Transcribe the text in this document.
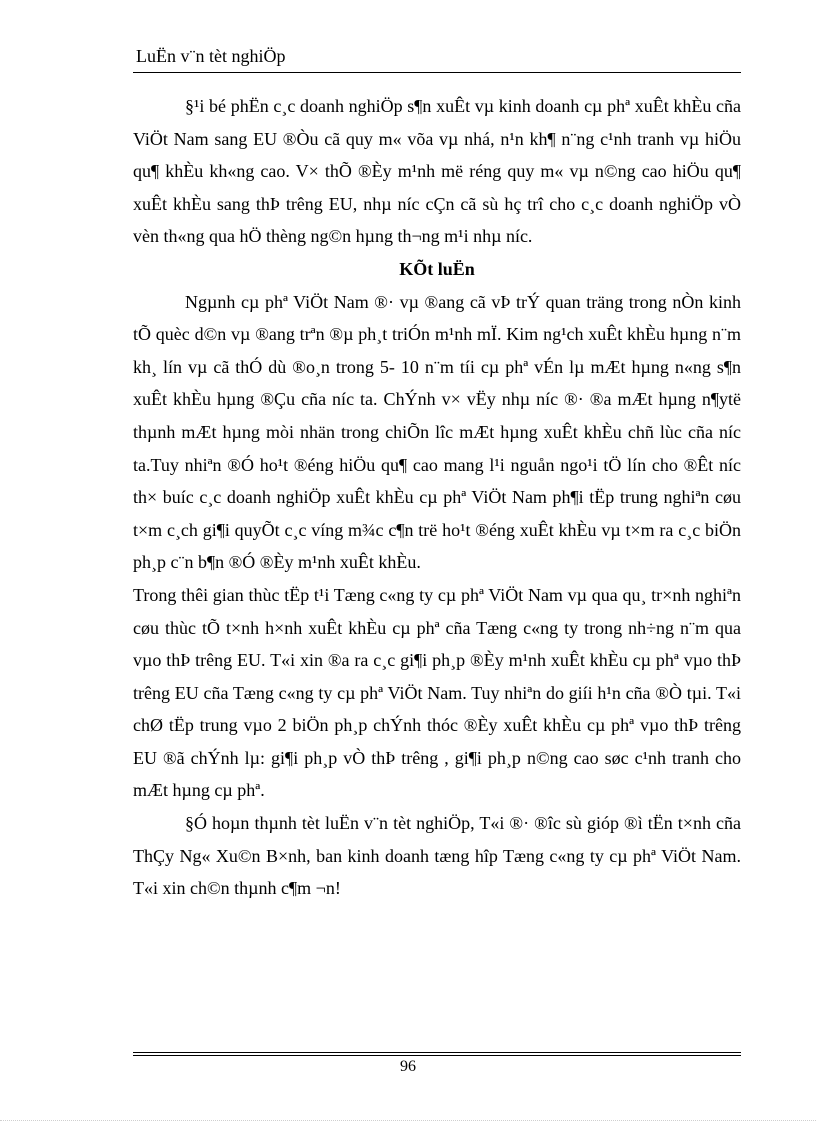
LuËn v¨n tèt nghiÖp

§¹i bé phËn c¸c doanh nghiÖp s¶n xuÊt vµ kinh doanh cµ phª xuÊt khÈu cña ViÖt Nam sang EU ®Òu cã quy m« võa vµ nhá, n¹n kh¶ n¨ng c¹nh tranh vµ hiÖu qu¶ khÈu kh«ng cao. V× thÕ ®Èy m¹nh më réng quy m« vµ n©ng cao hiÖu qu¶ xuÊt khÈu sang thÞ trêng EU, nhµ níc cÇn cã sù hç trî cho c¸c doanh nghiÖp vÒ vèn th«ng qua hÖ thèng ng©n hµng th¬ng m¹i nhµ níc.

KÕt luËn

Ngµnh cµ phª ViÖt Nam ®· vµ ®ang cã vÞ trÝ quan träng trong nÒn kinh tÕ quèc d©n vµ ®ang trªn ®µ ph¸t triÓn m¹nh mÏ. Kim ng¹ch xuÊt khÈu hµng n¨m kh¸ lín vµ cã thÓ dù ®o¸n trong 5- 10 n¨m tíi cµ phª vÉn lµ mÆt hµng n«ng s¶n xuÊt khÈu hµng ®Çu cña níc ta. ChÝnh v× vËy nhµ níc ®· ®a mÆt hµng n¶ytë thµnh mÆt hµng mòi nhän trong chiÕn lîc mÆt hµng xuÊt khÈu chñ lùc cña níc ta.Tuy nhiªn ®Ó ho¹t ®éng hiÖu qu¶ cao mang l¹i nguån ngo¹i tÖ lín cho ®Êt níc th× buíc c¸c doanh nghiÖp xuÊt khÈu cµ phª ViÖt Nam ph¶i tËp trung nghiªn cøu t×m c¸ch gi¶i quyÕt c¸c víng m¾c c¶n trë ho¹t ®éng xuÊt khÈu vµ t×m ra c¸c biÖn ph¸p c¨n b¶n ®Ó ®Èy m¹nh xuÊt khÈu.

Trong thêi gian thùc tËp t¹i Tæng c«ng ty cµ phª ViÖt Nam vµ qua qu¸ tr×nh nghiªn cøu thùc tÕ t×nh h×nh xuÊt khÈu cµ phª cña Tæng c«ng ty trong nh÷ng n¨m qua vµo thÞ trêng EU. T«i xin ®a ra c¸c gi¶i ph¸p ®Èy m¹nh xuÊt khÈu cµ phª vµo thÞ trêng EU cña Tæng c«ng ty cµ phª ViÖt Nam. Tuy nhiªn do giíi h¹n cña ®Ò tµi. T«i chØ tËp trung vµo 2 biÖn ph¸p chÝnh thóc ®Èy xuÊt khÈu cµ phª vµo thÞ trêng EU ®ã chÝnh lµ: gi¶i ph¸p vÒ thÞ trêng , gi¶i ph¸p n©ng cao søc c¹nh tranh cho mÆt hµng cµ phª.

§Ó hoµn thµnh tèt luËn v¨n tèt nghiÖp, T«i ®· ®îc sù gióp ®ì tËn t×nh cña ThÇy Ng« Xu©n B×nh, ban kinh doanh tæng hîp Tæng c«ng ty cµ phª ViÖt Nam. T«i xin ch©n thµnh c¶m ¬n!

96
